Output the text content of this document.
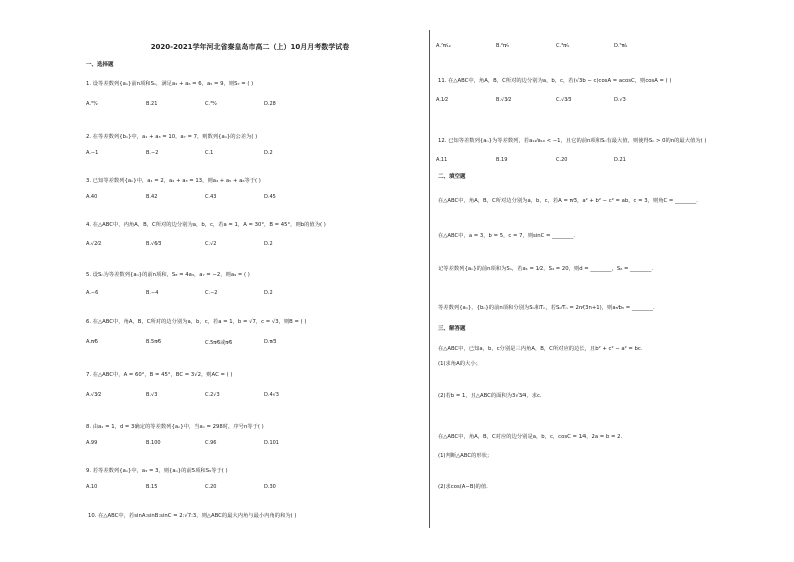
2020-2021学年河北省秦皇岛市高二（上）10月月考数学试卷
一、选择题
1. 设等差数列{aₙ}前n项和Sₙ，满足a₃ + a₆ = 6，a₅ = 9，则S₇ = ( )
A.³³⁄₂	B.21	C.³⁹⁄₂	D.28
2. 在等差数列{bₙ}中，a₁ + a₃ = 10，a₇ = 7，则数列{aₙ}的公差为( )
A.−1	B.−2	C.1	D.2
3. 已知等差数列{aₙ}中，a₁ = 2，a₂ + a₃ = 13，则a₄ + a₅ + a₆等于( )
A.40	B.42	C.43	D.45
4. 在△ABC中，内角A，B，C所对的边分别为a，b，c，若a = 1，A = 30°，B = 45°，则b的值为( )
A.√2⁄2	B.√6⁄3	C.√2	D.2
5. 设Sₙ为等差数列{aₙ}的前n项和，S₈ = 4a₃，a₇ = −2，则a₉ = ( )
A.−6	B.−4	C.−2	D.2
6. 在△ABC中，角A，B，C所对的边分别为a，b，c，若a = 1，b = √7，c = √3，则B = ( )
A.π⁄6	B.5π⁄6	C.5π⁄6或π⁄6	D.π⁄3
7. 在△ABC中，A = 60°，B = 45°，BC = 3√2，则AC = ( )
A.√3⁄2	B.√3	C.2√3	D.4√3
8. 由a₁ = 1，d = 3确定的等差数列{aₙ}中，当aₙ = 298时，序号n等于( )
A.99	B.100	C.96	D.101
9. 若等差数列{aₙ}中，a₃ = 3，则{aₙ}的前5项和S₅等于( )
A.10	B.15	C.20	D.30
10. 在△ABC中，若sinA:sinB:sinC = 2:√7:3，则△ABC的最大内角与最小内角的和为( )
A.⁷π⁄₁₂	B.²π⁄₃	C.³π⁄₄	D.⁵π⁄₆
11. 在△ABC中，角A，B，C所对的边分别为a，b，c，若(√3b − c)cosA = acosC，则cosA = ( )
A.1⁄2	B.√3⁄2	C.√3⁄3	D.√3
12. 已知等差数列{aₙ}为等差数列，若a₁₁⁄a₁₀ < −1，且它的前n项和Sₙ有最大值，则使得Sₙ > 0的n的最大值为( )
A.11	B.19	C.20	D.21
二、填空题
在△ABC中，角A，B，C所对边分别为a，b，c，若A = π⁄3，a² + b² − c² = ab，c = 3，则角C = ________.
在△ABC中，a = 3，b = 5，c = 7，则sinC = ________.
记等差数列{aₙ}的前n项和为Sₙ，若a₁ = 1⁄2，S₄ = 20，则d = ________，S₆ = ________.
等差数列{aₙ}，{bₙ}的前n项和分别为Sₙ和Tₙ，若Sₙ⁄Tₙ = 2n⁄(3n+1)，则a₅⁄b₅ = ________.
三、解答题
在△ABC中，已知a，b，c分别是三内角A，B，C所对应的边长，且b² + c² − a² = bc.
(1)求角A的大小；
(2)若b = 1，且△ABC的面积为3√3⁄4，求c.
在△ABC中，角A，B，C对应的边分别是a，b，c，cosC = 1⁄4，2a = b = 2.
(1)判断△ABC的形状；
(2)求cos(A−B)的值.
